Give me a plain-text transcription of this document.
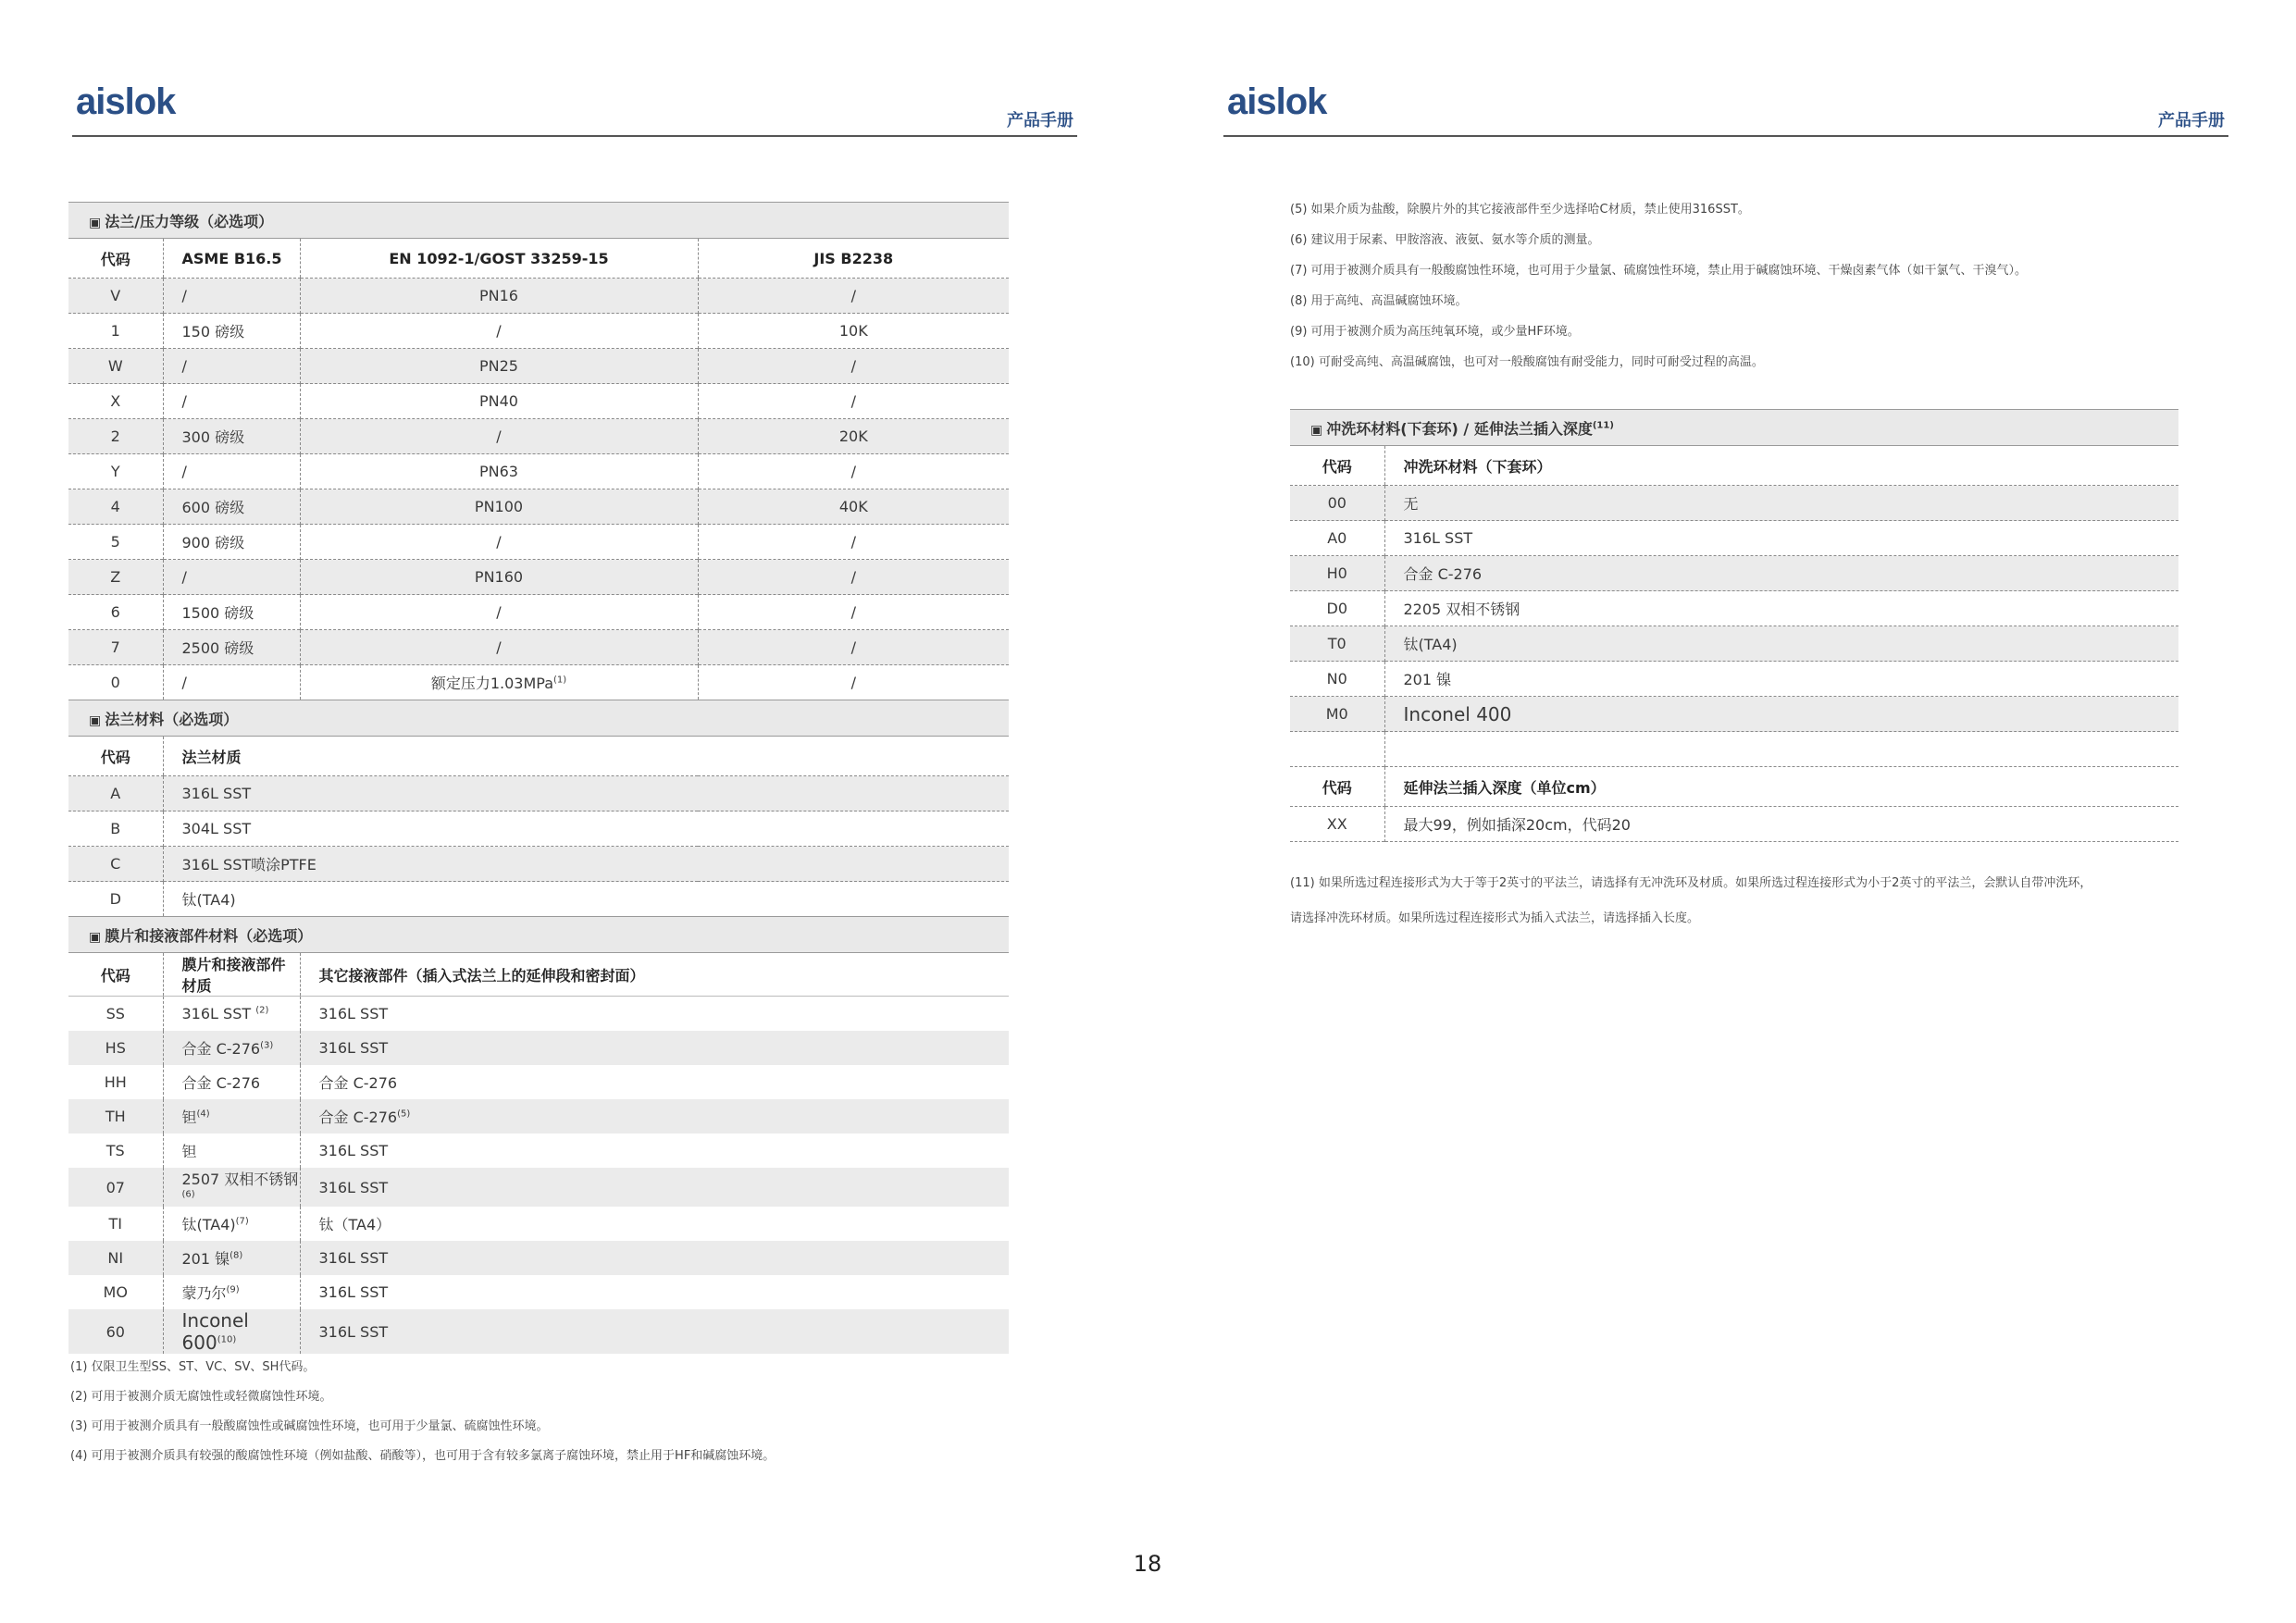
aislok	产品手册
▣ 法兰/压力等级（必选项）			
代码	ASME B16.5	EN 1092-1/GOST 33259-15	JIS B2238
V	/	PN16	/
1	150 磅级	/	10K
W	/	PN25	/
X	/	PN40	/
2	300 磅级	/	20K
Y	/	PN63	/
4	600 磅级	PN100	40K
5	900 磅级	/	/
Z	/	PN160	/
6	1500 磅级	/	/
7	2500 磅级	/	/
0	/	额定压力1.03MPa$^{(1)}$	/
▣ 法兰材料（必选项）			
代码	法兰材质		
A	316L SST		
B	304L SST		
C	316L SST喷涂PTFE		
D	钛(TA4)		
▣ 膜片和接液部件材料（必选项）			
代码	膜片和接液部件材质	其它接液部件（插入式法兰上的延伸段和密封面）	
SS	316L SST $^{(2)}$	316L SST	
HS	合金 C-276$^{(3)}$	316L SST	
HH	合金 C-276	合金 C-276	
TH	钽$^{(4)}$	合金 C-276$^{(5)}$
TS	钽	316L SST	
07	2507 双相不锈钢$^{(6)}$	316L SST	
TI	钛$(TA4)^{(7)}$	钛（TA4）	
NI	201 镍$^{(8)}$	316L SST	
MO	蒙乃尔$^{(9)}$	316L SST	
60	Inconel 600$^{(10)}$	316L SST	

(1) 仅限卫生型SS、ST、VC、SV、SH代码。

(2) 可用于被测介质无腐蚀性或轻微腐蚀性环境。

(3) 可用于被测介质具有一般酸腐蚀性或碱腐蚀性环境，也可用于少量氯、硫腐蚀性环境。

(4) 可用于被测介质具有较强的酸腐蚀性环境（例如盐酸、硝酸等），也可用于含有较多氯离子腐蚀环境，禁止用于HF和碱腐蚀环境。

aislok	产品手册

(5) 如果介质为盐酸，除膜片外的其它接液部件至少选择哈C材质，禁止使用316SST。

(6) 建议用于尿素、甲胺溶液、液氨、氨水等介质的测量。

(7) 可用于被测介质具有一般酸腐蚀性环境，也可用于少量氯、硫腐蚀性环境，禁止用于碱腐蚀环境、干燥卤素气体（如干氯气、干溴气）。

(8) 用于高纯、高温碱腐蚀环境。

(9) 可用于被测介质为高压纯氧环境，或少量HF环境。

(10) 可耐受高纯、高温碱腐蚀，也可对一般酸腐蚀有耐受能力，同时可耐受过程的高温。

▣ 冲洗环材料(下套环) / 延伸法兰插入深度$^{(11)}$
代码	冲洗环材料（下套环）
00	无
A0	316L SST
H0	合金 C-276
D0	2205 双相不锈钢
T0	钛(TA4)
N0	201 镍
M0	Inconel 400

代码	延伸法兰插入深度（单位cm）
XX	最大99，例如插深20cm，代码20

(11) 如果所选过程连接形式为大于等于2英寸的平法兰，请选择有无冲洗环及材质。如果所选过程连接形式为小于2英寸的平法兰，会默认自带冲洗环，

请选择冲洗环材质。如果所选过程连接形式为插入式法兰，请选择插入长度。

18
